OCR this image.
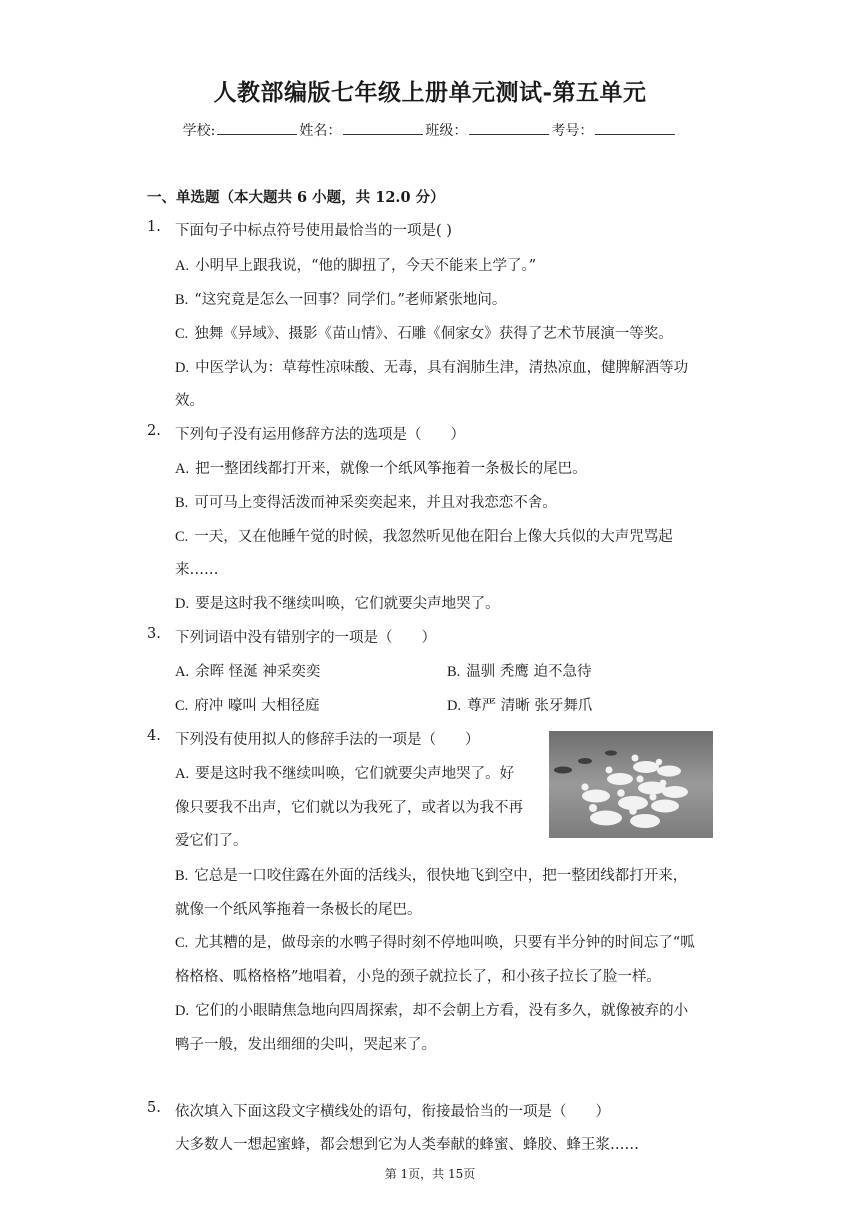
人教部编版七年级上册单元测试-第五单元
学校:	姓名：	班级：	考号：
一、单选题（本大题共 6 小题，共 12.0 分）
1. 下面句子中标点符号使用最恰当的一项是( )
A. 小明早上跟我说，“他的脚扭了，今天不能来上学了。”
B. “这究竟是怎么一回事？同学们。”老师紧张地问。
C. 独舞《异域》、摄影《苗山情》、石雕《侗家女》获得了艺术节展演一等奖。
D. 中医学认为：草莓性凉味酸、无毒，具有润肺生津，清热凉血，健脾解酒等功
效。
2. 下列句子没有运用修辞方法的选项是（　　）
A. 把一整团线都打开来，就像一个纸风筝拖着一条极长的尾巴。
B. 可可马上变得活泼而神采奕奕起来，并且对我恋恋不舍。
C. 一天，又在他睡午觉的时候，我忽然听见他在阳台上像大兵似的大声咒骂起
来……
D. 要是这时我不继续叫唤，它们就要尖声地哭了。
3. 下列词语中没有错别字的一项是（　　）
A. 余晖 怪涎 神采奕奕	B. 温驯 秃鹰 迫不急待
C. 府冲 嚎叫 大相径庭	D. 尊严 清晰 张牙舞爪
4. 下列没有使用拟人的修辞手法的一项是（　　）
A. 要是这时我不继续叫唤，它们就要尖声地哭了。好
像只要我不出声，它们就以为我死了，或者以为我不再
爱它们了。
B. 它总是一口咬住露在外面的活线头，很快地飞到空中，把一整团线都打开来，
就像一个纸风筝拖着一条极长的尾巴。
C. 尤其糟的是，做母亲的水鸭子得时刻不停地叫唤，只要有半分钟的时间忘了“呱
格格格、呱格格格”地唱着，小凫的颈子就拉长了，和小孩子拉长了脸一样。
D. 它们的小眼睛焦急地向四周探索，却不会朝上方看，没有多久，就像被弃的小
鸭子一般，发出细细的尖叫，哭起来了。
5. 依次填入下面这段文字横线处的语句，衔接最恰当的一项是（　　）
大多数人一想起蜜蜂，都会想到它为人类奉献的蜂蜜、蜂胶、蜂王浆……
第 1页，共 15页
